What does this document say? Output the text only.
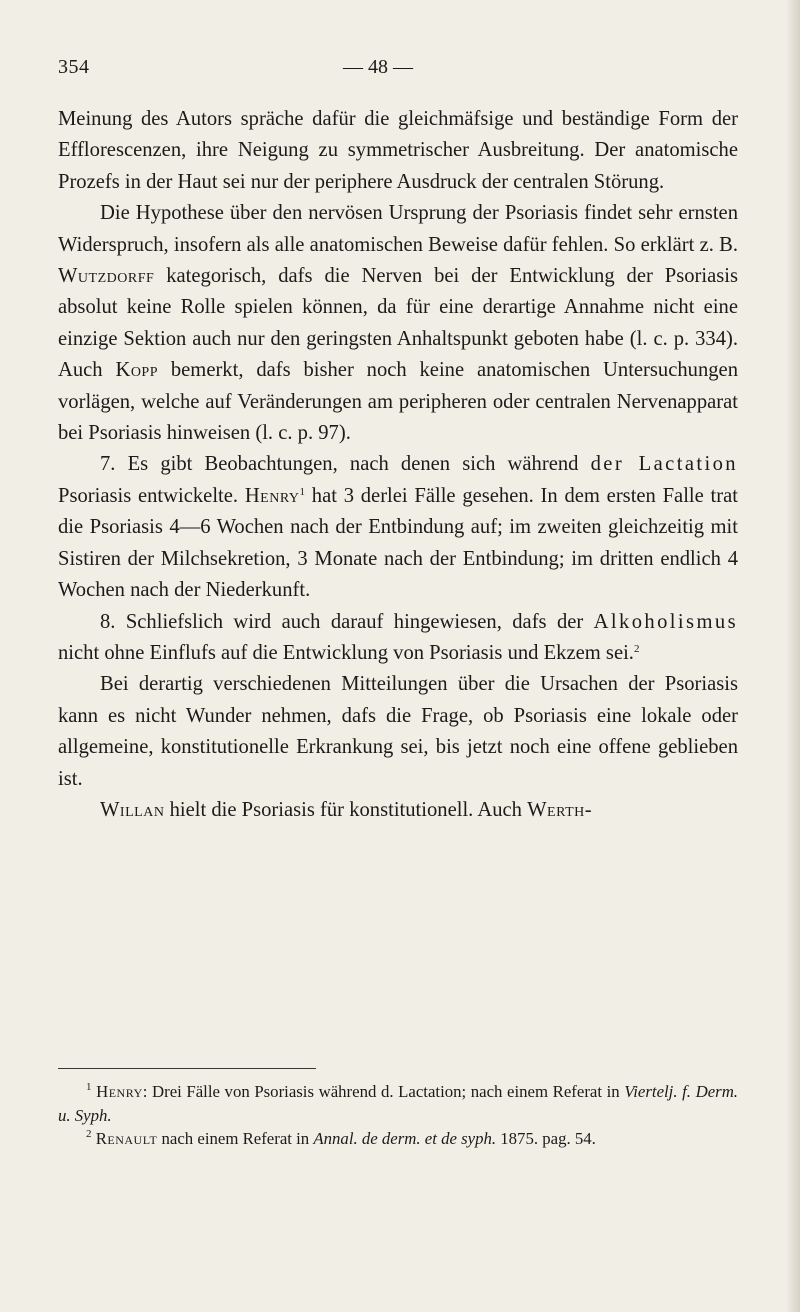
354	— 48 —

Meinung des Autors spräche dafür die gleichmäfsige und beständige Form der Efflorescenzen, ihre Neigung zu symmetrischer Ausbreitung. Der anatomische Prozefs in der Haut sei nur der periphere Ausdruck der centralen Störung.

Die Hypothese über den nervösen Ursprung der Psoriasis findet sehr ernsten Widerspruch, insofern als alle anatomischen Beweise dafür fehlen. So erklärt z. B. Wutzdorff kategorisch, dafs die Nerven bei der Entwicklung der Psoriasis absolut keine Rolle spielen können, da für eine derartige Annahme nicht eine einzige Sektion auch nur den geringsten Anhaltspunkt geboten habe (l. c. p. 334). Auch Kopp bemerkt, dafs bisher noch keine anatomischen Untersuchungen vorlägen, welche auf Veränderungen am peripheren oder centralen Nervenapparat bei Psoriasis hinweisen (l. c. p. 97).

7. Es gibt Beobachtungen, nach denen sich während der Lactation Psoriasis entwickelte. Henry$^1$ hat 3 derlei Fälle gesehen. In dem ersten Falle trat die Psoriasis 4—6 Wochen nach der Entbindung auf; im zweiten gleichzeitig mit Sistiren der Milchsekretion, 3 Monate nach der Entbindung; im dritten endlich 4 Wochen nach der Niederkunft.

8. Schliefslich wird auch darauf hingewiesen, dafs der Alkoholismus nicht ohne Einflufs auf die Entwicklung von Psoriasis und Ekzem sei.$^2$

Bei derartig verschiedenen Mitteilungen über die Ursachen der Psoriasis kann es nicht Wunder nehmen, dafs die Frage, ob Psoriasis eine lokale oder allgemeine, konstitutionelle Erkrankung sei, bis jetzt noch eine offene geblieben ist.

Willan hielt die Psoriasis für konstitutionell. Auch Werth-

$^1$ Henry: Drei Fälle von Psoriasis während d. Lactation; nach einem Referat in Viertelj. f. Derm. u. Syph.

$^2$ Renault nach einem Referat in Annal. de derm. et de syph. 1875. pag. 54.
